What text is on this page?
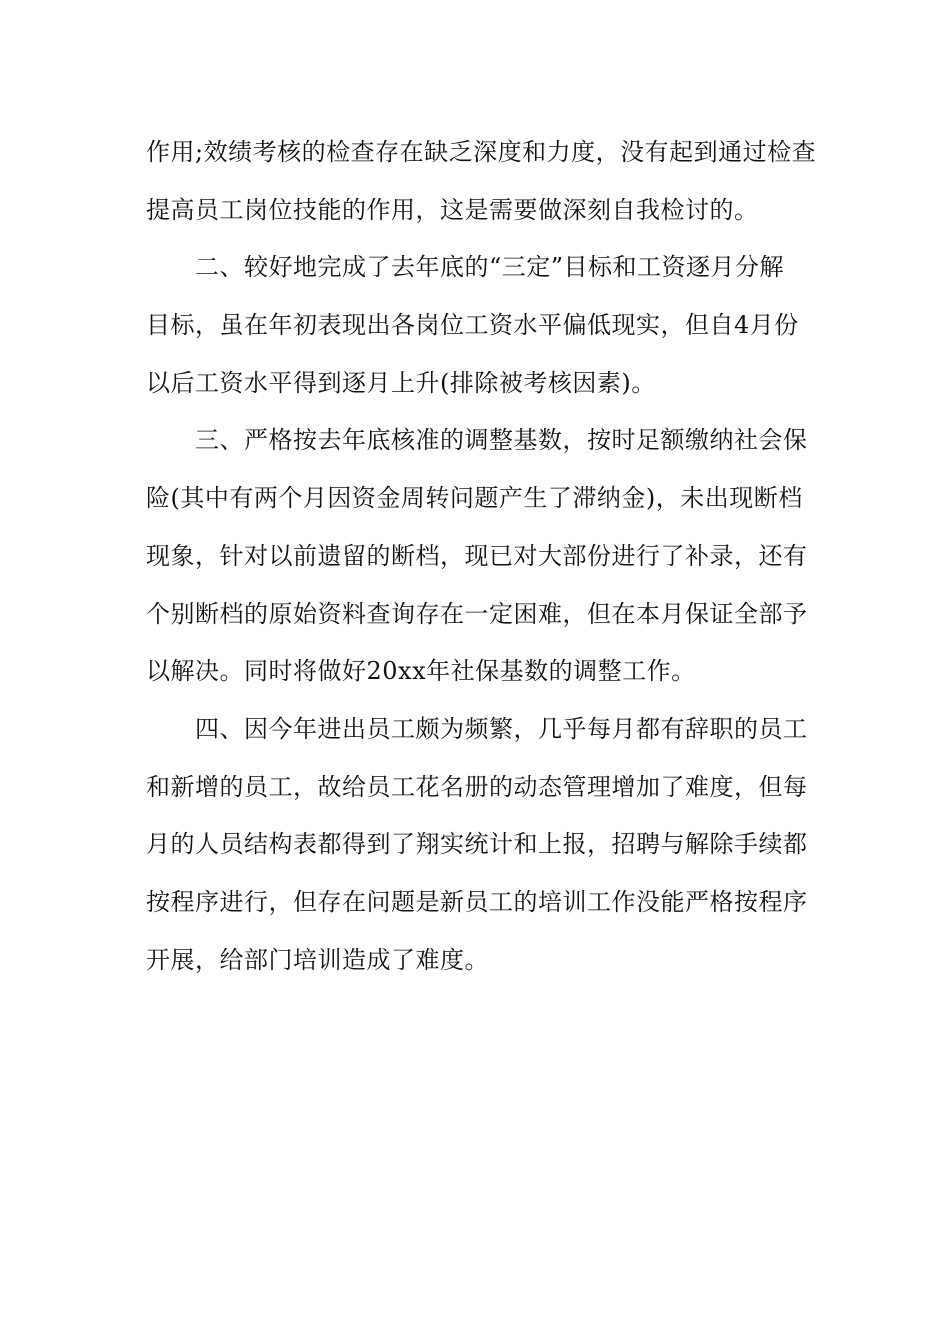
作用;效绩考核的检查存在缺乏深度和力度，没有起到通过检查
提高员工岗位技能的作用，这是需要做深刻自我检讨的。
　　二、较好地完成了去年底的“三定”目标和工资逐月分解
目标，虽在年初表现出各岗位工资水平偏低现实，但自4月份
以后工资水平得到逐月上升(排除被考核因素)。
　　三、严格按去年底核准的调整基数，按时足额缴纳社会保
险(其中有两个月因资金周转问题产生了滞纳金)，未出现断档
现象，针对以前遗留的断档，现已对大部份进行了补录，还有
个别断档的原始资料查询存在一定困难，但在本月保证全部予
以解决。同时将做好20xx年社保基数的调整工作。
　　四、因今年进出员工颇为频繁，几乎每月都有辞职的员工
和新增的员工，故给员工花名册的动态管理增加了难度，但每
月的人员结构表都得到了翔实统计和上报，招聘与解除手续都
按程序进行，但存在问题是新员工的培训工作没能严格按程序
开展，给部门培训造成了难度。
